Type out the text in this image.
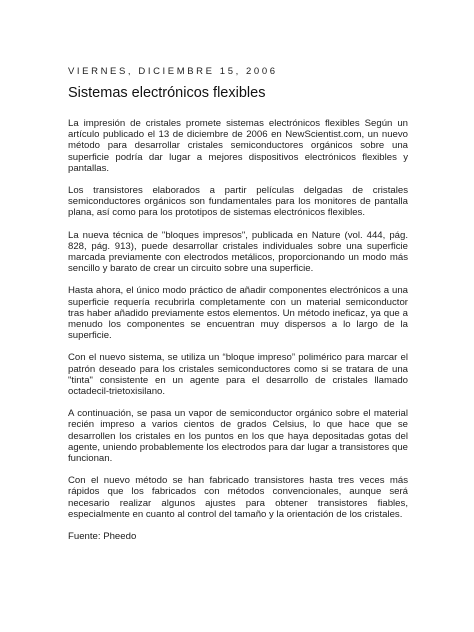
VIERNES, DICIEMBRE 15, 2006
Sistemas electrónicos flexibles

La impresión de cristales promete sistemas electrónicos flexibles Según un artículo publicado el 13 de diciembre de 2006 en NewScientist.com, un nuevo método para desarrollar cristales semiconductores orgánicos sobre una superficie podría dar lugar a mejores dispositivos electrónicos flexibles y pantallas.

Los transistores elaborados a partir películas delgadas de cristales semiconductores orgánicos son fundamentales para los monitores de pantalla plana, así como para los prototipos de sistemas electrónicos flexibles.

La nueva técnica de "bloques impresos", publicada en Nature (vol. 444, pág. 828, pág. 913), puede desarrollar cristales individuales sobre una superficie marcada previamente con electrodos metálicos, proporcionando un modo más sencillo y barato de crear un circuito sobre una superficie.

Hasta ahora, el único modo práctico de añadir componentes electrónicos a una superficie requería recubrirla completamente con un material semiconductor tras haber añadido previamente estos elementos. Un método ineficaz, ya que a menudo los componentes se encuentran muy dispersos a lo largo de la superficie.

Con el nuevo sistema, se utiliza un “bloque impreso” polimérico para marcar el patrón deseado para los cristales semiconductores como si se tratara de una "tinta" consistente en un agente para el desarrollo de cristales llamado octadecil-trietoxisilano.

A continuación, se pasa un vapor de semiconductor orgánico sobre el material recién impreso a varios cientos de grados Celsius, lo que hace que se desarrollen los cristales en los puntos en los que haya depositadas gotas del agente, uniendo probablemente los electrodos para dar lugar a transistores que funcionan.

Con el nuevo método se han fabricado transistores hasta tres veces más rápidos que los fabricados con métodos convencionales, aunque será necesario realizar algunos ajustes para obtener transistores fiables, especialmente en cuanto al control del tamaño y la orientación de los cristales.

Fuente: Pheedo
